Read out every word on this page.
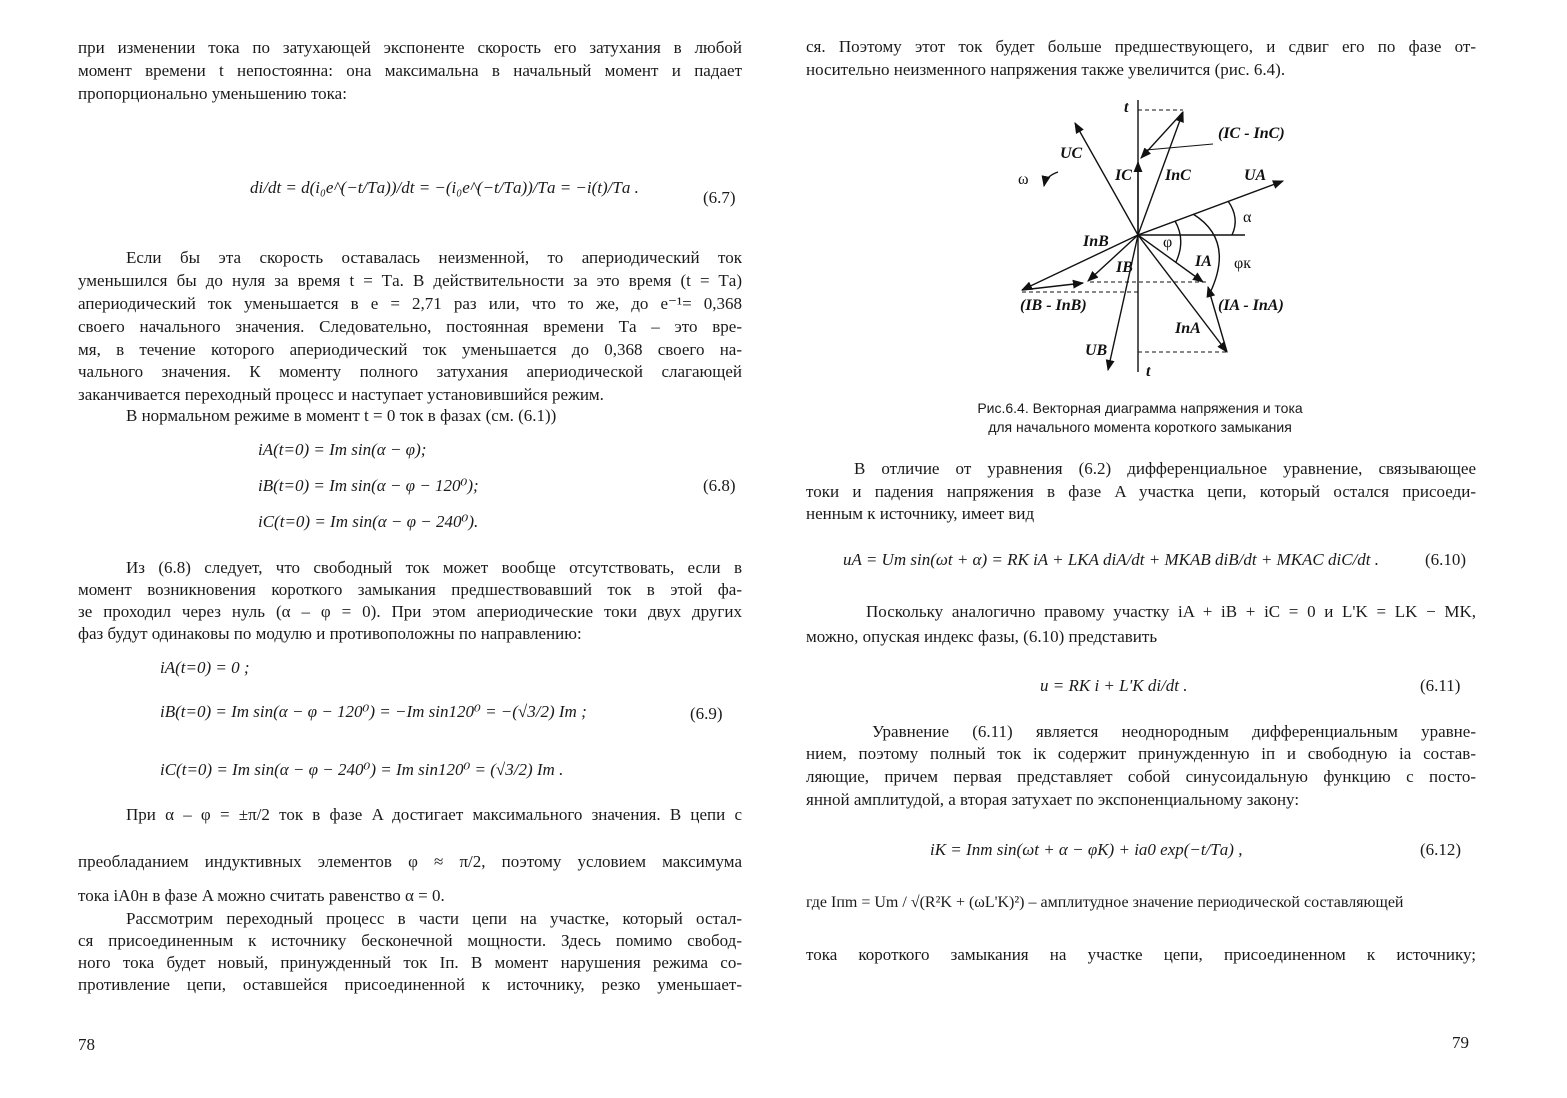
при изменении тока по затухающей экспоненте скорость его затухания в любой
момент времени t непостоянна: она максимальна в начальный момент и падает
пропорционально уменьшению тока:
di/dt = d(i₀e^(−t/Tа))/dt = −(i₀e^(−t/Tа))/Tа = −i(t)/Tа .
(6.7)
Если бы эта скорость оставалась неизменной, то апериодический ток
уменьшился бы до нуля за время t = Tа. В действительности за это время (t = Tа)
апериодический ток уменьшается в e = 2,71 раз или, что то же, до e⁻¹= 0,368
своего начального значения. Следовательно, постоянная времени Tа – это вре-
мя, в течение которого апериодический ток уменьшается до 0,368 своего на-
чального значения. К моменту полного затухания апериодической слагающей
заканчивается переходный процесс и наступает установившийся режим.
В нормальном режиме в момент t = 0 ток в фазах (см. (6.1))
iA(t=0) = Im sin(α − φ);
iB(t=0) = Im sin(α − φ − 120⁰);
iC(t=0) = Im sin(α − φ − 240⁰).
(6.8)
Из (6.8) следует, что свободный ток может вообще отсутствовать, если в
момент возникновения короткого замыкания предшествовавший ток в этой фа-
зе проходил через нуль (α – φ = 0). При этом апериодические токи двух других
фаз будут одинаковы по модулю и противоположны по направлению:
iA(t=0) = 0 ;
iB(t=0) = Im sin(α − φ − 120⁰) = −Im sin120⁰ = −(√3/2) Im ;
iC(t=0) = Im sin(α − φ − 240⁰) = Im sin120⁰ = (√3/2) Im .
(6.9)
При α – φ = ±π/2 ток в фазе A достигает максимального значения. В цепи с
преобладанием индуктивных элементов φ ≈ π/2, поэтому условием максимума
тока iA0н в фазе A можно считать равенство α = 0.
Рассмотрим переходный процесс в части цепи на участке, который остал-
ся присоединенным к источнику бесконечной мощности. Здесь помимо свобод-
ного тока будет новый, принужденный ток Iп. В момент нарушения режима со-
противление цепи, оставшейся присоединенной к источнику, резко уменьшает-
78
ся. Поэтому этот ток будет больше предшествующего, и сдвиг его по фазе от-
носительно неизменного напряжения также увеличится (рис. 6.4).
t
t
UC
UA
UB
IC IпC
(IC - IпC)
IпB
IB
(IB - IпB)
IA
(IA - IпA)
IпA
ω
α
φ
φк
Рис.6.4. Векторная диаграмма напряжения и тока
для начального момента короткого замыкания
В отличие от уравнения (6.2) дифференциальное уравнение, связывающее
токи и падения напряжения в фазе A участка цепи, который остался присоеди-
ненным к источнику, имеет вид
uA = Um sin(ωt + α) = RK iA + LKA diA/dt + MKAB diB/dt + MKAC diC/dt .	(6.10)
Поскольку аналогично правому участку iA + iB + iC = 0 и L'K = LK − MK,
можно, опуская индекс фазы, (6.10) представить
u = RK i + L'K di/dt .	(6.11)
Уравнение (6.11) является неоднородным дифференциальным уравне-
нием, поэтому полный ток iк содержит принужденную iп и свободную iа состав-
ляющие, причем первая представляет собой синусоидальную функцию с посто-
янной амплитудой, а вторая затухает по экспоненциальному закону:
iK = Iпm sin(ωt + α − φK) + ia0 exp(−t/Tа) ,	(6.12)
где Iпm = Um / √(R²K + (ωL'K)²) – амплитудное значение периодической составляющей
тока короткого замыкания на участке цепи, присоединенном к источнику;
79
